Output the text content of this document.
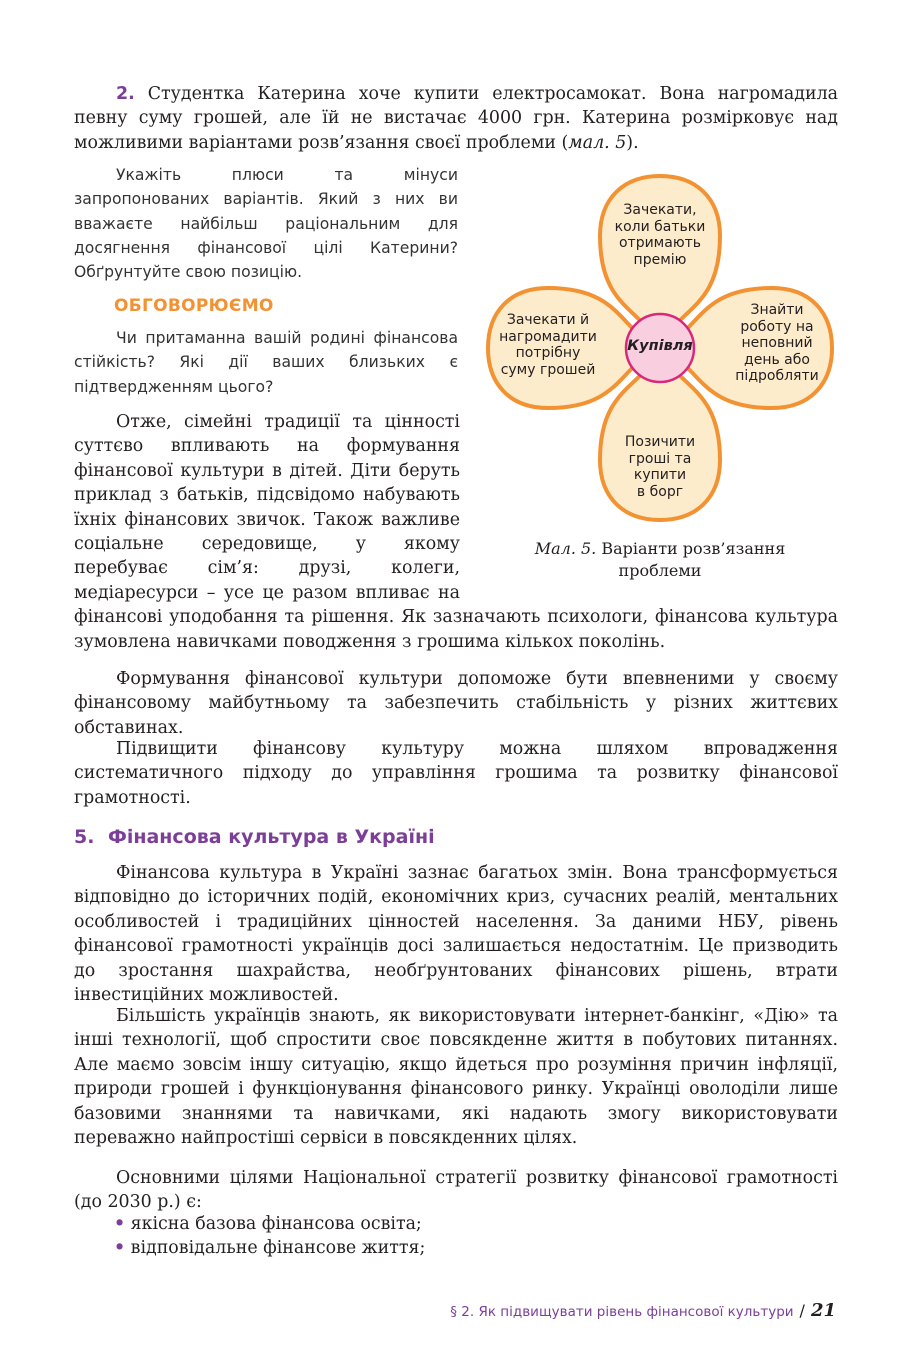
2. Студентка Катерина хоче купити електросамокат. Вона нагромадила певну суму грошей, але їй не вистачає 4000 грн. Катерина розмірковує над можливими варіантами розв’язання своєї проблеми (мал. 5).

Укажіть плюси та мінуси запропонованих варіантів. Який з них ви вважаєте найбільш раціональним для досягнення фінансової цілі Катерини? Обґрунтуйте свою позицію.

ОБГОВОРЮЄМО

Чи притаманна вашій родині фінансова стійкість? Які дії ваших близьких є підтвердженням цього?

Купівля
Зачекати,
коли батьки
отримають
премію
Зачекати й
нагромадити
потрібну
суму грошей
Знайти
роботу на
неповний
день або
підробляти
Позичити
гроші та
купити
в борг
Мал. 5. Варіанти розв’язання проблеми

Отже, сімейні традиції та цінності суттєво впливають на формування фінансової культури в дітей. Діти беруть приклад з батьків, підсвідомо набувають їхніх фінансових звичок. Також важливе соціальне середовище, у якому перебуває сім’я: друзі, колеги, медіаресурси – усе це разом впливає на фінансові уподобання та рішення. Як зазначають психологи, фінансова культура зумовлена навичками поводження з грошима кількох поколінь.

Формування фінансової культури допоможе бути впевненими у своєму фінансовому майбутньому та забезпечить стабільність у різних життєвих обставинах.

Підвищити фінансову культуру можна шляхом впровадження систематичного підходу до управління грошима та розвитку фінансової грамотності.

5. Фінансова культура в Україні

Фінансова культура в Україні зазнає багатьох змін. Вона трансформується відповідно до історичних подій, економічних криз, сучасних реалій, ментальних особливостей і традиційних цінностей населення. За даними НБУ, рівень фінансової грамотності українців досі залишається недостатнім. Це призводить до зростання шахрайства, необґрунтованих фінансових рішень, втрати інвестиційних можливостей.

Більшість українців знають, як використовувати інтернет-банкінг, «Дію» та інші технології, щоб спростити своє повсякденне життя в побутових питаннях. Але маємо зовсім іншу ситуацію, якщо йдеться про розуміння причин інфляції, природи грошей і функціонування фінансового ринку. Українці оволоділи лише базовими знаннями та навичками, які надають змогу використовувати переважно найпростіші сервіси в повсякденних цілях.

Основними цілями Національної стратегії розвитку фінансової грамотності (до 2030 р.) є:

• якісна базова фінансова освіта;
• відповідальне фінансове життя;
§ 2. Як підвищувати рівень фінансової культури / 21
